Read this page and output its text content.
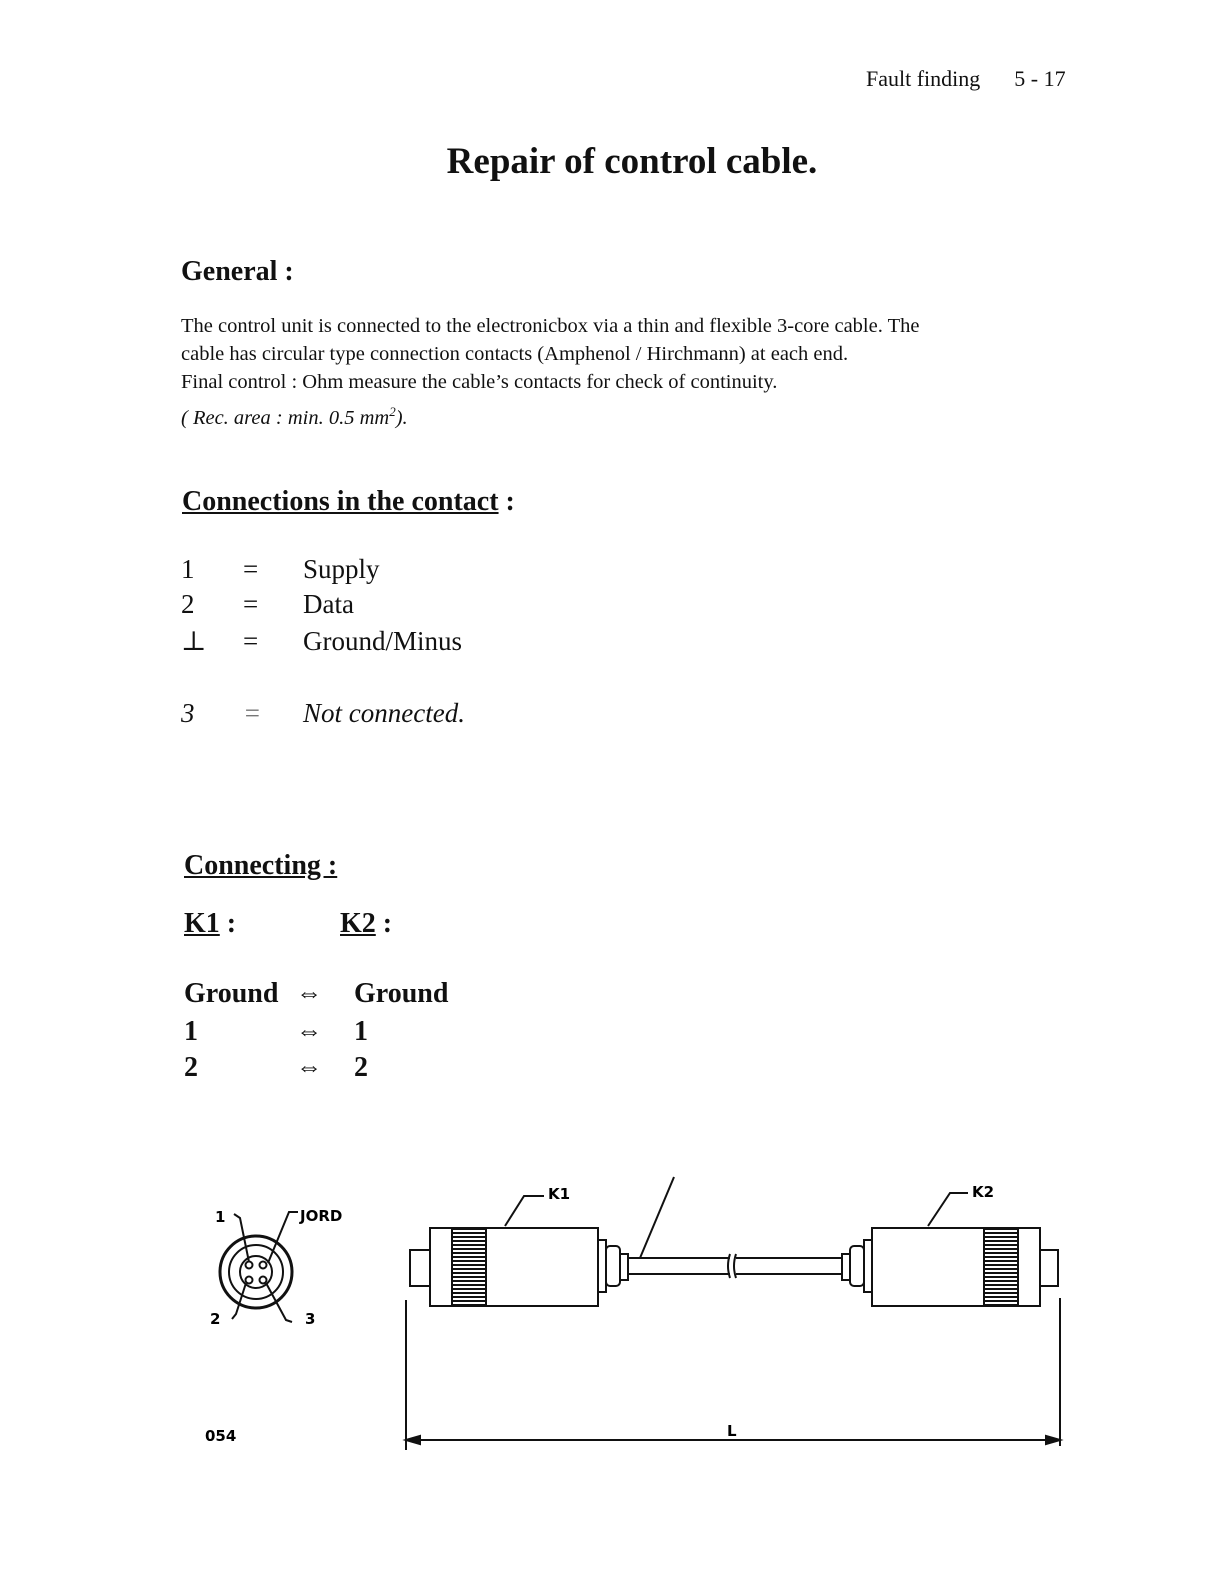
Fault finding 5 - 17
Repair of control cable.
General :
The control unit is connected to the electronicbox via a thin and flexible 3-core cable. The
cable has circular type connection contacts (Amphenol / Hirchmann) at each end.
Final control : Ohm measure the cable’s contacts for check of continuity.
( Rec. area : min. 0.5 $mm^2$).
Connections in the contact :
1	= Supply
2	= Data
⊥ = Ground/Minus
3	= Not connected.
Connecting :
K1 :	K2 :
Ground ⇔ Ground
1	⇔ 1
2	⇔ 2
1	JORD
2	3
054
K1	K2
L
